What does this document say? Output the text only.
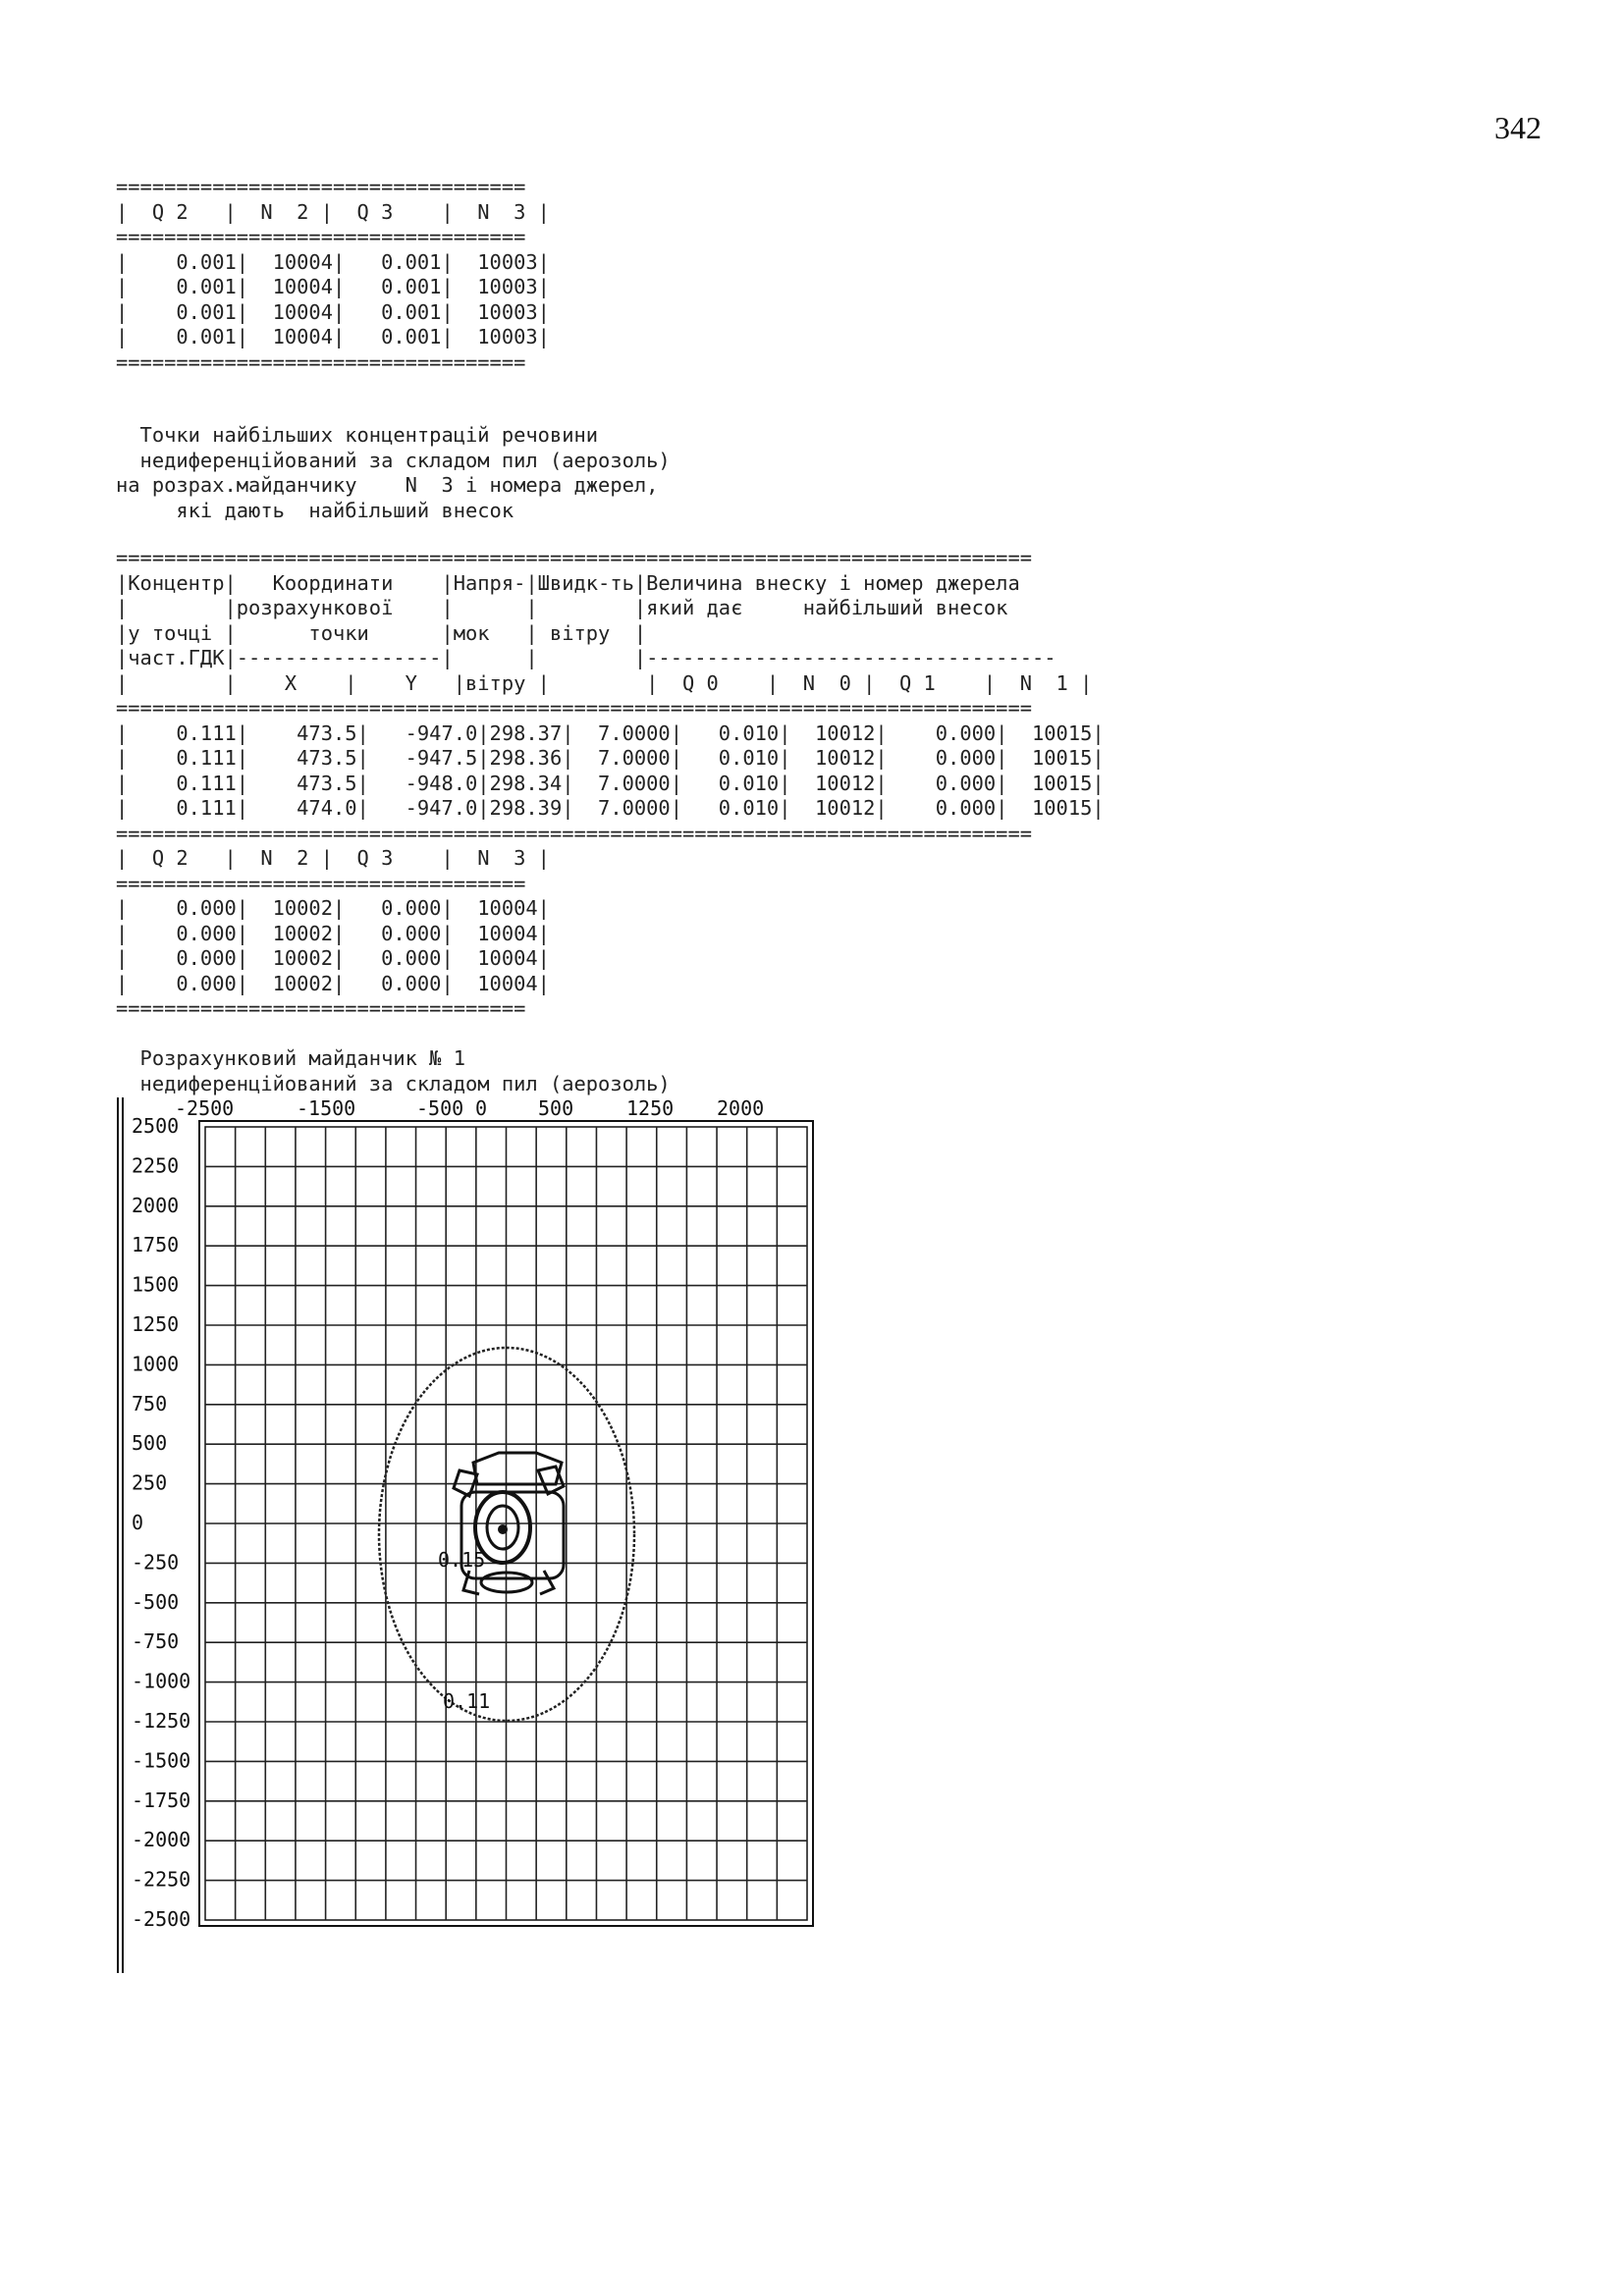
342
==================================
|  Q 2   |  N  2 |  Q 3    |  N  3 |
==================================
|    0.001|  10004|   0.001|  10003|
|    0.001|  10004|   0.001|  10003|
|    0.001|  10004|   0.001|  10003|
|    0.001|  10004|   0.001|  10003|
==================================
Точки найбільших концентрацій речовини
недиференційований за складом пил (аерозоль)
на розрах.майданчику    N  3 і номера джерел,
які дають  найбільший внесок
============================================================================
|Концентр|   Координати    |Напря-|Швидк-ть|Величина внеску і номер джерела
|        |розрахункової    |      |        |який дає     найбільший внесок
|у точці |      точки      |мок   | вітру  |
|част.ГДК|-----------------|      |        |----------------------------------
|        |    X    |    Y   |вітру |        |  Q 0    |  N  0 |  Q 1    |  N  1 |
============================================================================
|    0.111|    473.5|   -947.0|298.37|  7.0000|   0.010|  10012|    0.000|  10015|
|    0.111|    473.5|   -947.5|298.36|  7.0000|   0.010|  10012|    0.000|  10015|
|    0.111|    473.5|   -948.0|298.34|  7.0000|   0.010|  10012|    0.000|  10015|
|    0.111|    474.0|   -947.0|298.39|  7.0000|   0.010|  10012|    0.000|  10015|
============================================================================
|  Q 2   |  N  2 |  Q 3    |  N  3 |
==================================
|    0.000|  10002|   0.000|  10004|
|    0.000|  10002|   0.000|  10004|
|    0.000|  10002|   0.000|  10004|
|    0.000|  10002|   0.000|  10004|
==================================
Розрахунковий майданчик № 1
недиференційований за складом пил (аерозоль)
2500
2250
2000
1750
1500
1250
1000
750
500
250
0
-250
-500
-750
-1000
-1250
-1500
-1750
-2000
-2250
-2500
-2500	-1500	-500 0	500	1250 2000
0.15
0.11
